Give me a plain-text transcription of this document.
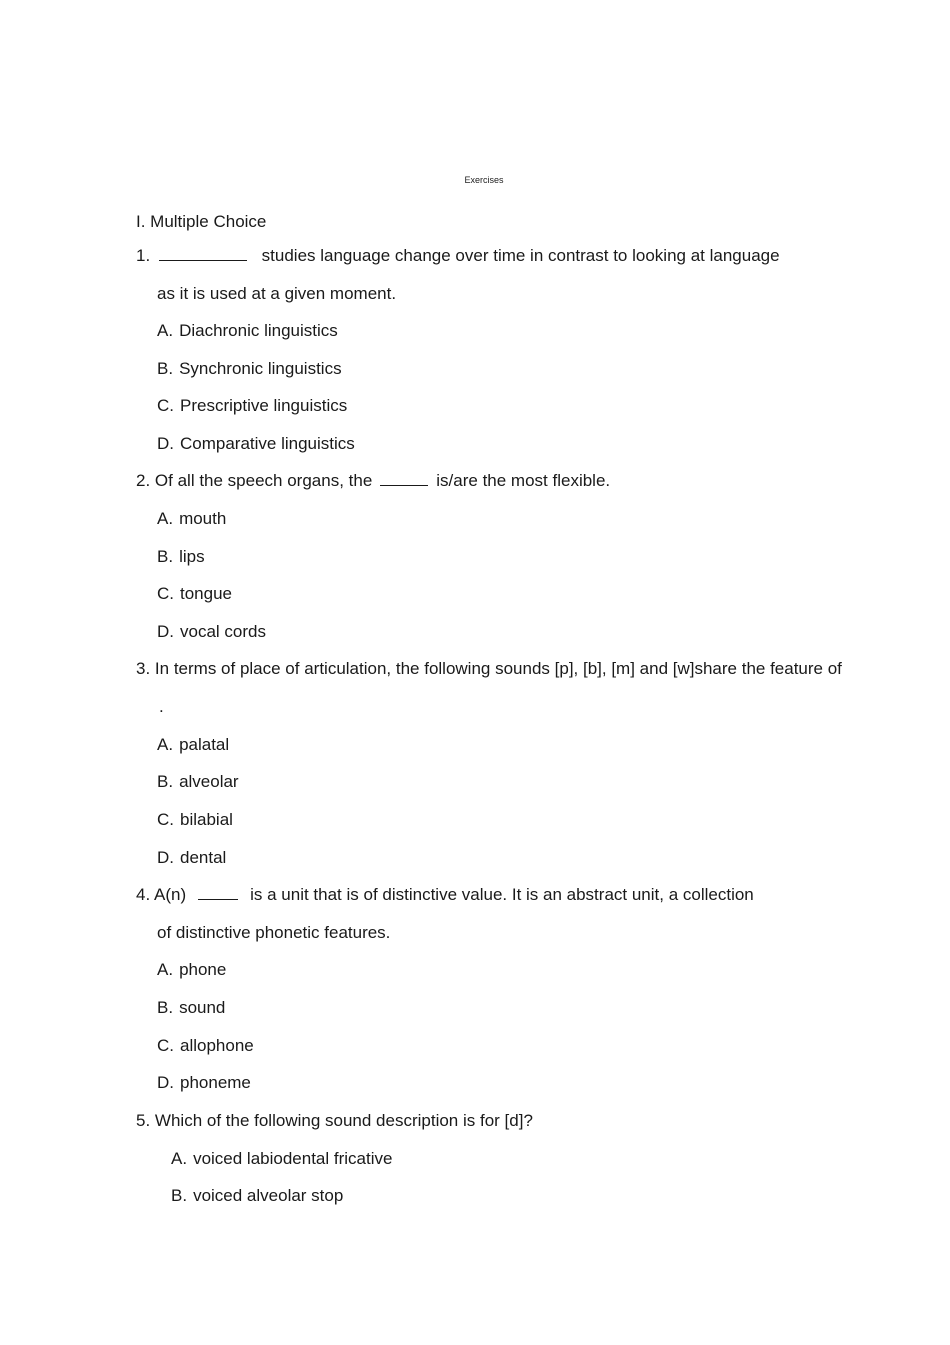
Exercises
I. Multiple Choice
1.	studies language change over time in contrast to looking at language
as it is used at a given moment.
A. Diachronic linguistics
B. Synchronic linguistics
C. Prescriptive linguistics
D. Comparative linguistics
2. Of all the speech organs, the	is/are the most flexible.
A. mouth
B. lips
C. tongue
D. vocal cords
3. In terms of place of articulation, the following sounds [p], [b], [m] and [w]share the feature of
.
A. palatal
B. alveolar
C. bilabial
D. dental
4. A(n)	is a unit that is of distinctive value. It is an abstract unit, a collection
of distinctive phonetic features.
A. phone
B. sound
C. allophone
D. phoneme
5. Which of the following sound description is for [d]?
A. voiced labiodental fricative
B. voiced alveolar stop
